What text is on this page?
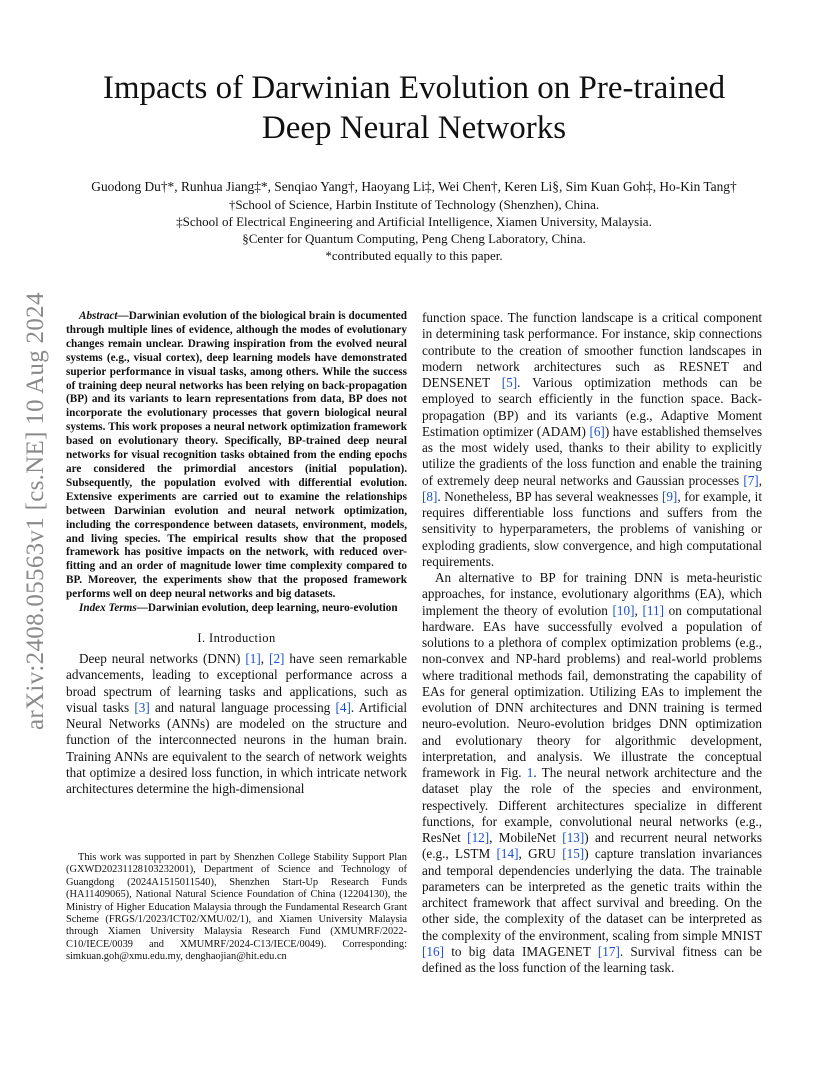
arXiv:2408.05563v1 [cs.NE] 10 Aug 2024
Impacts of Darwinian Evolution on Pre-trained
Deep Neural Networks
Guodong Du†*, Runhua Jiang‡*, Senqiao Yang†, Haoyang Li‡, Wei Chen†, Keren Li§, Sim Kuan Goh‡, Ho-Kin Tang†
†School of Science, Harbin Institute of Technology (Shenzhen), China.
‡School of Electrical Engineering and Artificial Intelligence, Xiamen University, Malaysia.
§Center for Quantum Computing, Peng Cheng Laboratory, China.
*contributed equally to this paper.

Abstract—Darwinian evolution of the biological brain is documented through multiple lines of evidence, although the modes of evolutionary changes remain unclear. Drawing inspiration from the evolved neural systems (e.g., visual cortex), deep learning models have demonstrated superior performance in visual tasks, among others. While the success of training deep neural networks has been relying on back-propagation (BP) and its variants to learn representations from data, BP does not incorporate the evolutionary processes that govern biological neural systems. This work proposes a neural network optimization framework based on evolutionary theory. Specifically, BP-trained deep neural networks for visual recognition tasks obtained from the ending epochs are considered the primordial ancestors (initial population). Subsequently, the population evolved with differential evolution. Extensive experiments are carried out to examine the relationships between Darwinian evolution and neural network optimization, including the correspondence between datasets, environment, models, and living species. The empirical results show that the proposed framework has positive impacts on the network, with reduced over-fitting and an order of magnitude lower time complexity compared to BP. Moreover, the experiments show that the proposed framework performs well on deep neural networks and big datasets.

Index Terms—Darwinian evolution, deep learning, neuro-evolution

I. Introduction

Deep neural networks (DNN) [1], [2] have seen remarkable advancements, leading to exceptional performance across a broad spectrum of learning tasks and applications, such as visual tasks [3] and natural language processing [4]. Artificial Neural Networks (ANNs) are modeled on the structure and function of the interconnected neurons in the human brain. Training ANNs are equivalent to the search of network weights that optimize a desired loss function, in which intricate network architectures determine the high-dimensional

This work was supported in part by Shenzhen College Stability Support Plan (GXWD20231128103232001), Department of Science and Technology of Guangdong (2024A1515011540), Shenzhen Start-Up Research Funds (HA11409065), National Natural Science Foundation of China (12204130), the Ministry of Higher Education Malaysia through the Fundamental Research Grant Scheme (FRGS/1/2023/ICT02/XMU/02/1), and Xiamen University Malaysia through Xiamen University Malaysia Research Fund (XMUMRF/2022-C10/IECE/0039 and XMUMRF/2024-C13/IECE/0049). Corresponding: simkuan.goh@xmu.edu.my, denghaojian@hit.edu.cn

function space. The function landscape is a critical component in determining task performance. For instance, skip connections contribute to the creation of smoother function landscapes in modern network architectures such as RESNET and DENSENET [5]. Various optimization methods can be employed to search efficiently in the function space. Back-propagation (BP) and its variants (e.g., Adaptive Moment Estimation optimizer (ADAM) [6]) have established themselves as the most widely used, thanks to their ability to explicitly utilize the gradients of the loss function and enable the training of extremely deep neural networks and Gaussian processes [7], [8]. Nonetheless, BP has several weaknesses [9], for example, it requires differentiable loss functions and suffers from the sensitivity to hyperparameters, the problems of vanishing or exploding gradients, slow convergence, and high computational requirements.

An alternative to BP for training DNN is meta-heuristic approaches, for instance, evolutionary algorithms (EA), which implement the theory of evolution [10], [11] on computational hardware. EAs have successfully evolved a population of solutions to a plethora of complex optimization problems (e.g., non-convex and NP-hard problems) and real-world problems where traditional methods fail, demonstrating the capability of EAs for general optimization. Utilizing EAs to implement the evolution of DNN architectures and DNN training is termed neuro-evolution. Neuro-evolution bridges DNN optimization and evolutionary theory for algorithmic development, interpretation, and analysis. We illustrate the conceptual framework in Fig. 1. The neural network architecture and the dataset play the role of the species and environment, respectively. Different architectures specialize in different functions, for example, convolutional neural networks (e.g., ResNet [12], MobileNet [13]) and recurrent neural networks (e.g., LSTM [14], GRU [15]) capture translation invariances and temporal dependencies underlying the data. The trainable parameters can be interpreted as the genetic traits within the architect framework that affect survival and breeding. On the other side, the complexity of the dataset can be interpreted as the complexity of the environment, scaling from simple MNIST [16] to big data IMAGENET [17]. Survival fitness can be defined as the loss function of the learning task.
